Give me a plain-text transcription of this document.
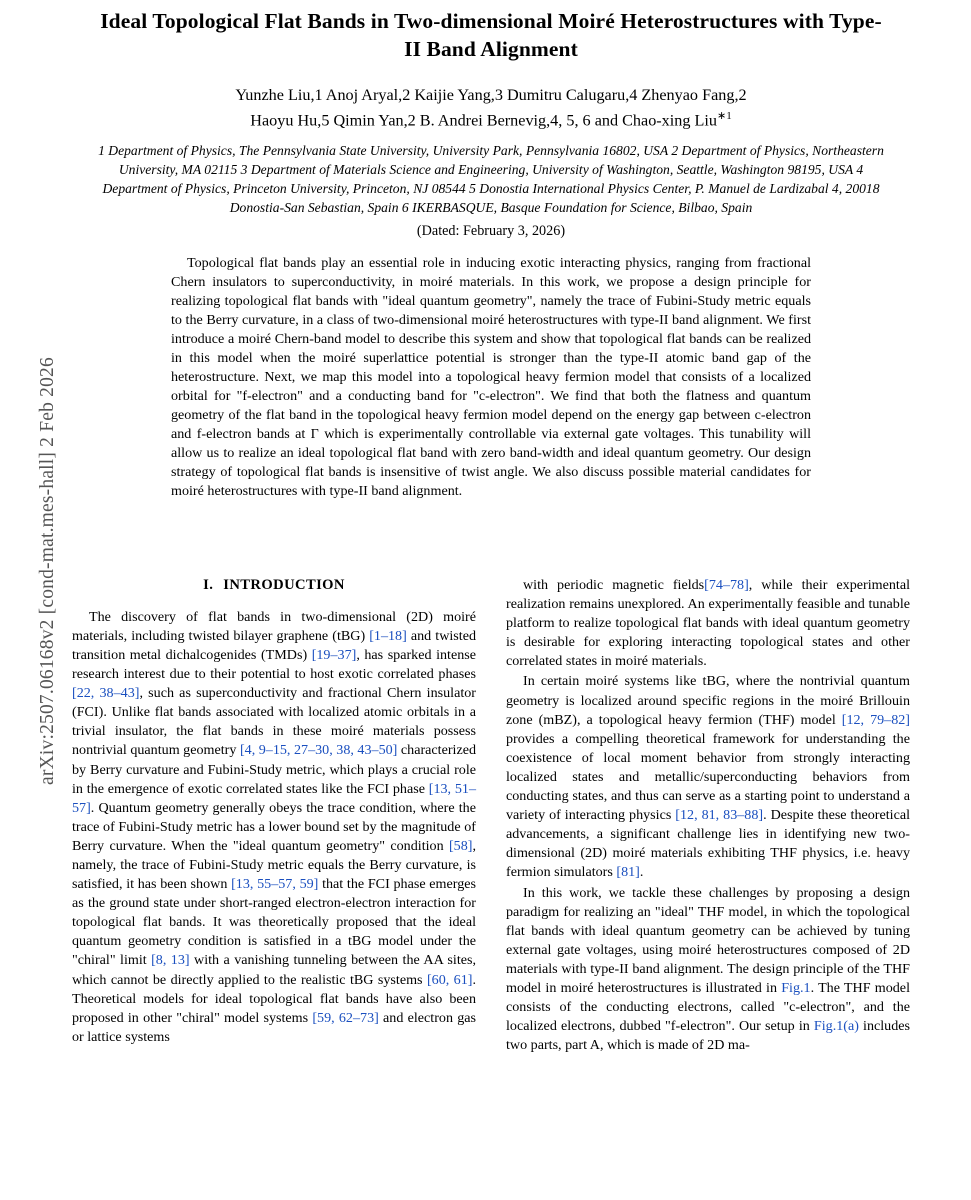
arXiv:2507.06168v2 [cond-mat.mes-hall] 2 Feb 2026
Ideal Topological Flat Bands in Two-dimensional Moiré Heterostructures with Type-II Band Alignment
Yunzhe Liu,1 Anoj Aryal,2 Kaijie Yang,3 Dumitru Calugaru,4 Zhenyao Fang,2
Haoyu Hu,5 Qimin Yan,2 B. Andrei Bernevig,4, 5, 6 and Chao-xing Liu$^{∗1}$
1 Department of Physics, The Pennsylvania State University, University Park, Pennsylvania 16802, USA 2 Department of Physics, Northeastern University, MA 02115 3 Department of Materials Science and Engineering, University of Washington, Seattle, Washington 98195, USA 4 Department of Physics, Princeton University, Princeton, NJ 08544 5 Donostia International Physics Center, P. Manuel de Lardizabal 4, 20018 Donostia-San Sebastian, Spain 6 IKERBASQUE, Basque Foundation for Science, Bilbao, Spain
(Dated: February 3, 2026)

Topological flat bands play an essential role in inducing exotic interacting physics, ranging from fractional Chern insulators to superconductivity, in moiré materials. In this work, we propose a design principle for realizing topological flat bands with "ideal quantum geometry", namely the trace of Fubini-Study metric equals to the Berry curvature, in a class of two-dimensional moiré heterostructures with type-II band alignment. We first introduce a moiré Chern-band model to describe this system and show that topological flat bands can be realized in this model when the moiré superlattice potential is stronger than the type-II atomic band gap of the heterostructure. Next, we map this model into a topological heavy fermion model that consists of a localized orbital for "f-electron" and a conducting band for "c-electron". We find that both the flatness and quantum geometry of the flat band in the topological heavy fermion model depend on the energy gap between c-electron and f-electron bands at Γ which is experimentally controllable via external gate voltages. This tunability will allow us to realize an ideal topological flat band with zero band-width and ideal quantum geometry. Our design strategy of topological flat bands is insensitive of twist angle. We also discuss possible material candidates for moiré heterostructures with type-II band alignment.

I. INTRODUCTION

The discovery of flat bands in two-dimensional (2D) moiré materials, including twisted bilayer graphene (tBG) [1–18] and twisted transition metal dichalcogenides (TMDs) [19–37], has sparked intense research interest due to their potential to host exotic correlated phases [22, 38–43], such as superconductivity and fractional Chern insulator (FCI). Unlike flat bands associated with localized atomic orbitals in a trivial insulator, the flat bands in these moiré materials possess nontrivial quantum geometry [4, 9–15, 27–30, 38, 43–50] characterized by Berry curvature and Fubini-Study metric, which plays a crucial role in the emergence of exotic correlated states like the FCI phase [13, 51–57]. Quantum geometry generally obeys the trace condition, where the trace of Fubini-Study metric has a lower bound set by the magnitude of Berry curvature. When the "ideal quantum geometry" condition [58], namely, the trace of Fubini-Study metric equals the Berry curvature, is satisfied, it has been shown [13, 55–57, 59] that the FCI phase emerges as the ground state under short-ranged electron-electron interaction for topological flat bands. It was theoretically proposed that the ideal quantum geometry condition is satisfied in a tBG model under the "chiral" limit [8, 13] with a vanishing tunneling between the AA sites, which cannot be directly applied to the realistic tBG systems [60, 61]. Theoretical models for ideal topological flat bands have also been proposed in other "chiral" model systems [59, 62–73] and electron gas or lattice systems

with periodic magnetic fields[74–78], while their experimental realization remains unexplored. An experimentally feasible and tunable platform to realize topological flat bands with ideal quantum geometry is desirable for exploring interacting topological states and other correlated states in moiré materials.

In certain moiré systems like tBG, where the nontrivial quantum geometry is localized around specific regions in the moiré Brillouin zone (mBZ), a topological heavy fermion (THF) model [12, 79–82] provides a compelling theoretical framework for understanding the coexistence of local moment behavior from strongly interacting localized states and metallic/superconducting behaviors from conducting states, and thus can serve as a starting point to understand a variety of interacting physics [12, 81, 83–88]. Despite these theoretical advancements, a significant challenge lies in identifying new two-dimensional (2D) moiré materials exhibiting THF physics, i.e. heavy fermion simulators [81].

In this work, we tackle these challenges by proposing a design paradigm for realizing an "ideal" THF model, in which the topological flat bands with ideal quantum geometry can be achieved by tuning external gate voltages, using moiré heterostructures composed of 2D materials with type-II band alignment. The design principle of the THF model in moiré heterostructures is illustrated in Fig.1. The THF model consists of the conducting electrons, called "c-electron", and the localized electrons, dubbed "f-electron". Our setup in Fig.1(a) includes two parts, part A, which is made of 2D ma-
